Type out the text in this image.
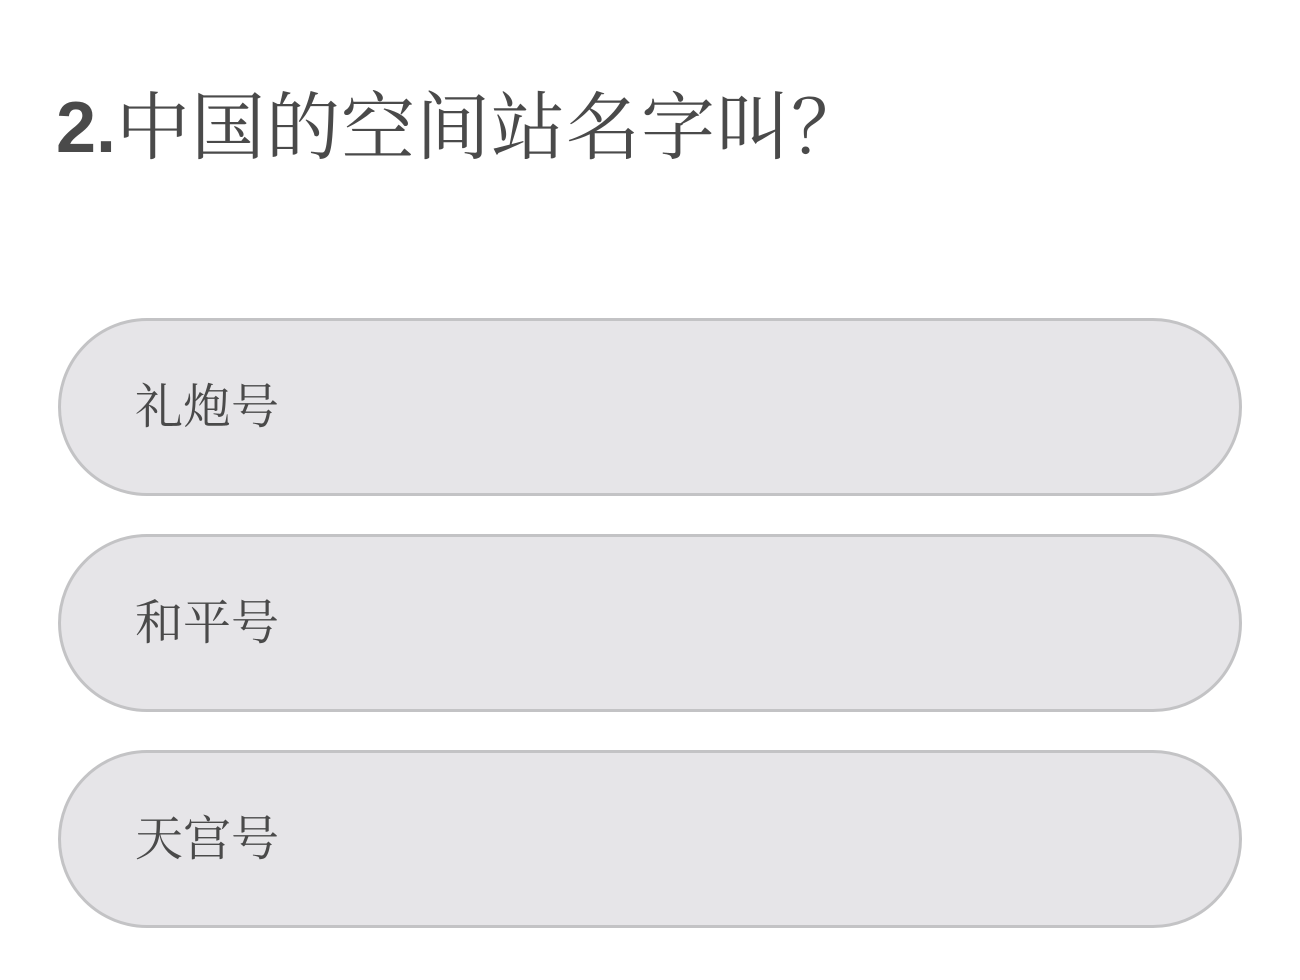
2. 中国的空间站名字叫？
礼炮号
和平号
天宫号
